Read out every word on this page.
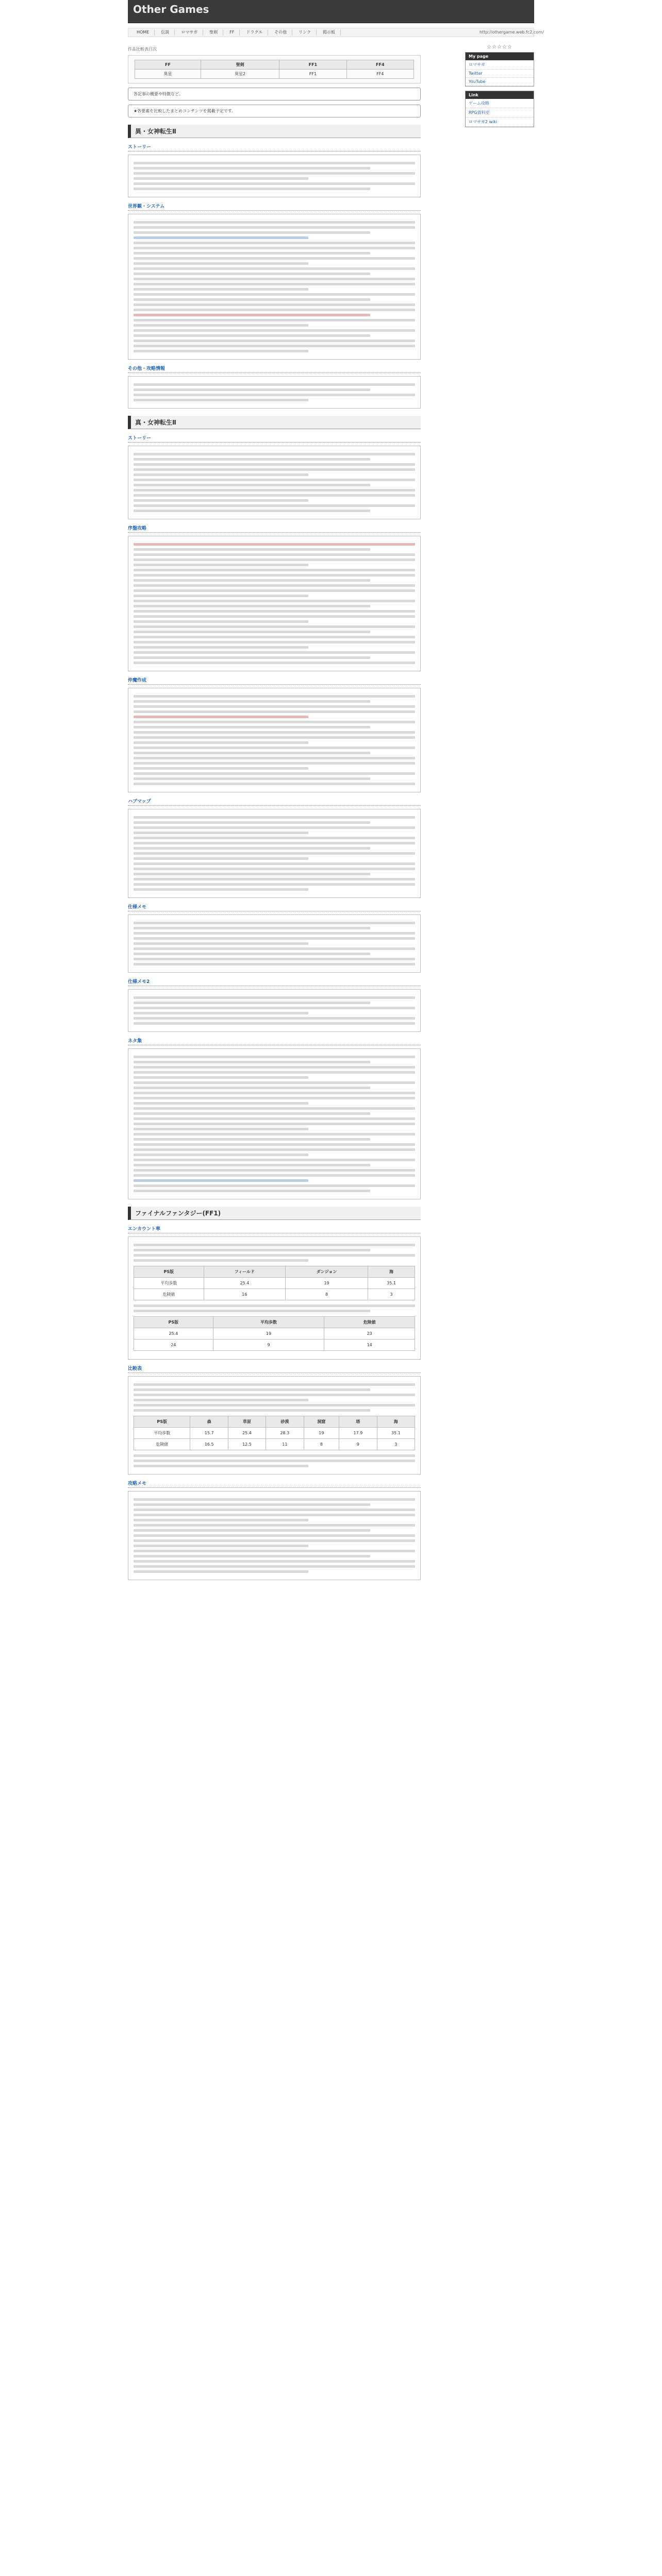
Other Games
HOME	伝説	ロマサガ	聖剣	FF	ドラクエ	その他	リンク	掲示板	http://othergame.web.fc2.com/
作品比較表目次
FF	聖剣	FF1	FF4
異星	異星2	FF1	FF4
各記事の概要や特徴など。
★各要素を比較したまとめコンテンツを掲載予定です。
異・女神転生Ⅱ
ストーリー
世界観・システム
その他・攻略情報
真・女神転生Ⅱ
ストーリー
序盤攻略
仲魔作成
ハブマップ
仕様メモ
仕様メモ2
ネタ集
ファイナルファンタジー(FF1)
エンカウント率
PS版	フィールド	ダンジョン	海
平均歩数	25.4	19	35.1
危険値	16	8	3
PS版	平均歩数	危険値
25.4	19	23
24	9	14
比較表
PS版	森	草原	砂漠	洞窟	塔	海
平均歩数	15.7	25.4	28.3	19	17.9	35.1
危険値	16.5	12.5	11	8	9	3
攻略メモ
☆☆☆☆☆
My page
ロマサガ
Twitter
YouTube
Link
ゲーム攻略
RPG資料室
ロマサガ2 wiki
